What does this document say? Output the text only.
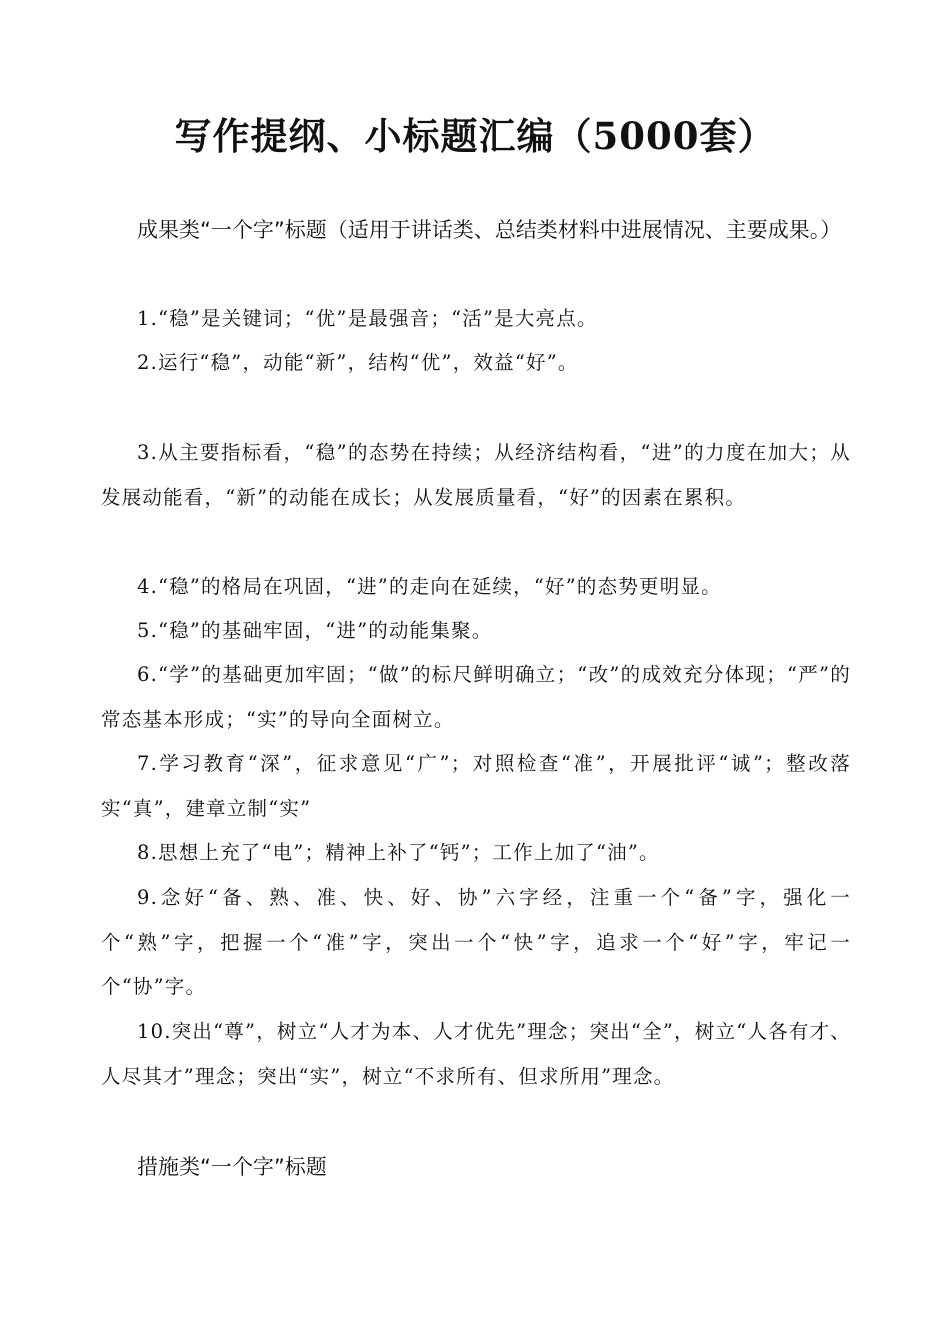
写作提纲、小标题汇编（5000套）
成果类“一个字”标题（适用于讲话类、总结类材料中进展情况、主要成果。）
1.“稳”是关键词；“优”是最强音；“活”是大亮点。
2.运行“稳”，动能“新”，结构“优”，效益“好”。
3.从主要指标看，“稳”的态势在持续；从经济结构看，“进”的力度在加大；从发展动能看，“新”的动能在成长；从发展质量看，“好”的因素在累积。
4.“稳”的格局在巩固，“进”的走向在延续，“好”的态势更明显。
5.“稳”的基础牢固，“进”的动能集聚。
6.“学”的基础更加牢固；“做”的标尺鲜明确立；“改”的成效充分体现；“严”的常态基本形成；“实”的导向全面树立。
7.学习教育“深”，征求意见“广”；对照检查“准”，开展批评“诚”；整改落实“真”，建章立制“实”
8.思想上充了“电”；精神上补了“钙”；工作上加了“油”。
9.念好“备、熟、准、快、好、协”六字经，注重一个“备”字，强化一个“熟”字，把握一个“准”字，突出一个“快”字，追求一个“好”字，牢记一个“协”字。
10.突出“尊”，树立“人才为本、人才优先”理念；突出“全”，树立“人各有才、人尽其才”理念；突出“实”，树立“不求所有、但求所用”理念。
措施类“一个字”标题
